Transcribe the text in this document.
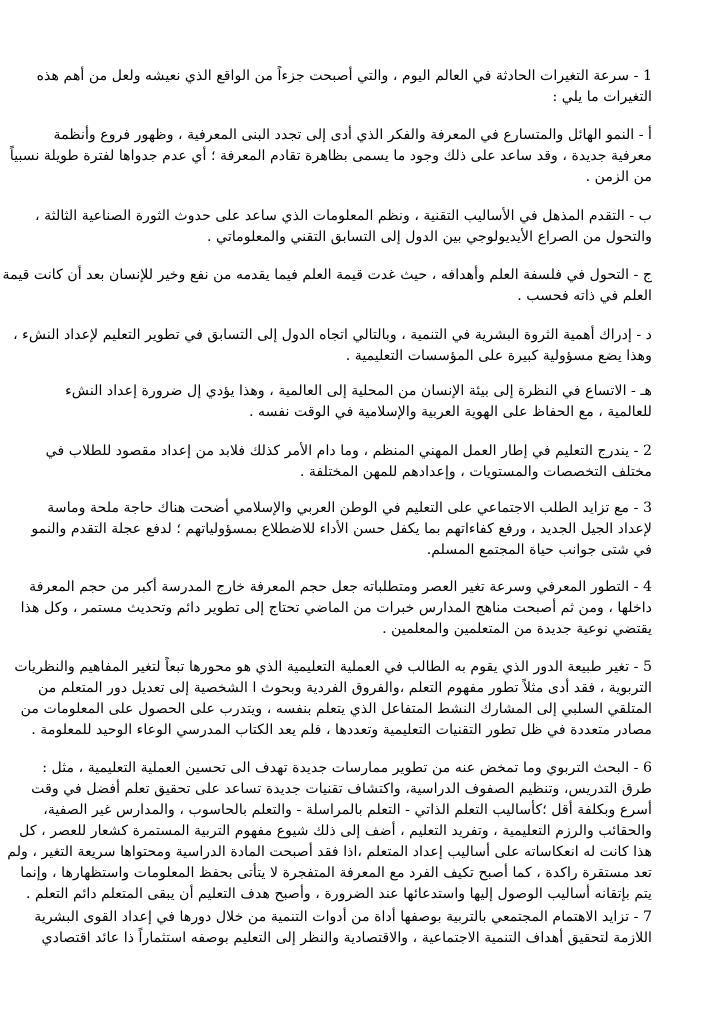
1 - سرعة التغيرات الحادثة في العالم اليوم ، والتي أصبحت جزءاً من الواقع الذي نعيشه ولعل من أهم هذه
التغيرات ما يلي :
أ - النمو الهائل والمتسارع في المعرفة والفكر الذي أدى إلى تجدد البنى المعرفية ، وظهور فروع وأنظمة
معرفية جديدة ، وقد ساعد على ذلك وجود ما يسمى بظاهرة تقادم المعرفة ؛ أي عدم جدواها لفترة طويلة نسبياً
من الزمن .
ب - التقدم المذهل في الأساليب التقنية ، ونظم المعلومات الذي ساعد على حدوث الثورة الصناعية الثالثة ،
والتحول من الصراع الأيديولوجي بين الدول إلى التسابق التقني والمعلوماتي .
ج - التحول في فلسفة العلم وأهدافه ، حيث غدت قيمة العلم فيما يقدمه من نفع وخير للإنسان بعد أن كانت قيمة
العلم في ذاته فحسب .
د - إدراك أهمية الثروة البشرية في التنمية ، وبالتالي اتجاه الدول إلى التسابق في تطوير التعليم لإعداد النشء ،
وهذا يضع مسؤولية كبيرة على المؤسسات التعليمية .
هـ - الاتساع في النظرة إلى بيئة الإنسان من المحلية إلى العالمية ، وهذا يؤدي إل ضرورة إعداد النشء
للعالمية ، مع الحفاظ على الهوية العربية والإسلامية في الوقت نفسه .
2 - يندرج التعليم في إطار العمل المهني المنظم ، وما دام الأمر كذلك فلابد من إعداد مقصود للطلاب في
مختلف التخصصات والمستويات ، وإعدادهم للمهن المختلفة .
3 - مع تزايد الطلب الاجتماعي على التعليم في الوطن العربي والإسلامي أضحت هناك حاجة ملحة وماسة
لإعداد الجيل الجديد ، ورفع كفاءاتهم بما يكفل حسن الأداء للاضطلاع بمسؤولياتهم ؛ لدفع عجلة التقدم والنمو
في شتى جوانب حياة المجتمع المسلم.
4 - التطور المعرفي وسرعة تغير العصر ومتطلباته جعل حجم المعرفة خارج المدرسة أكبر من حجم المعرفة
داخلها ، ومن ثم أصبحت مناهج المدارس خبرات من الماضي تحتاج إلى تطوير دائم وتحديث مستمر ، وكل هذا
يقتضي نوعية جديدة من المتعلمين والمعلمين .
5 - تغير طبيعة الدور الذي يقوم به الطالب في العملية التعليمية الذي هو محورها تبعاً لتغير المفاهيم والنظريات
التربوية ، فقد أدى مثلاً تطور مفهوم التعلم ،والفروق الفردية وبحوث ا الشخصية إلى تعديل دور المتعلم من
المتلقي السلبي إلى المشارك النشط المتفاعل الذي يتعلم بنفسه ، ويتدرب على الحصول على المعلومات من
مصادر متعددة في ظل تطور التقنيات التعليمية وتعددها ، فلم يعد الكتاب المدرسي الوعاء الوحيد للمعلومة .
6 - البحث التربوي وما تمخض عنه من تطوير ممارسات جديدة تهدف الى تحسين العملية التعليمية ، مثل :
طرق التدريس، وتنظيم الصفوف الدراسية، واكتشاف تقنيات جديدة تساعد على تحقيق تعلم أفضل في وقت
أسرع وبكلفة أقل ؛كأساليب التعلم الذاتي - التعلم بالمراسلة - والتعلم بالحاسوب ، والمدارس غير الصفية،
والحقائب والرزم التعليمية ، وتفريد التعليم ، أضف إلى ذلك شيوع مفهوم التربية المستمرة كشعار للعصر ، كل
هذا كانت له انعكاساته على أساليب إعداد المتعلم ،اذا فقد أصبحت المادة الدراسية ومحتواها سريعة التغير ، ولم
تعد مستقرة راكدة ، كما أصبح تكيف الفرد مع المعرفة المتفجرة لا يتأتى بحفظ المعلومات واستظهارها ، وإنما
يتم بإتقانه أساليب الوصول إليها واستدعائها عند الضرورة ، وأصبح هدف التعليم أن يبقى المتعلم دائم التعلم .
7 - تزايد الاهتمام المجتمعي بالتربية بوصفها أداة من أدوات التنمية من خلال دورها في إعداد القوى البشرية
اللازمة لتحقيق أهداف التنمية الاجتماعية ، والاقتصادية والنظر إلى التعليم بوصفه استثماراً ذا عائد اقتصادي
